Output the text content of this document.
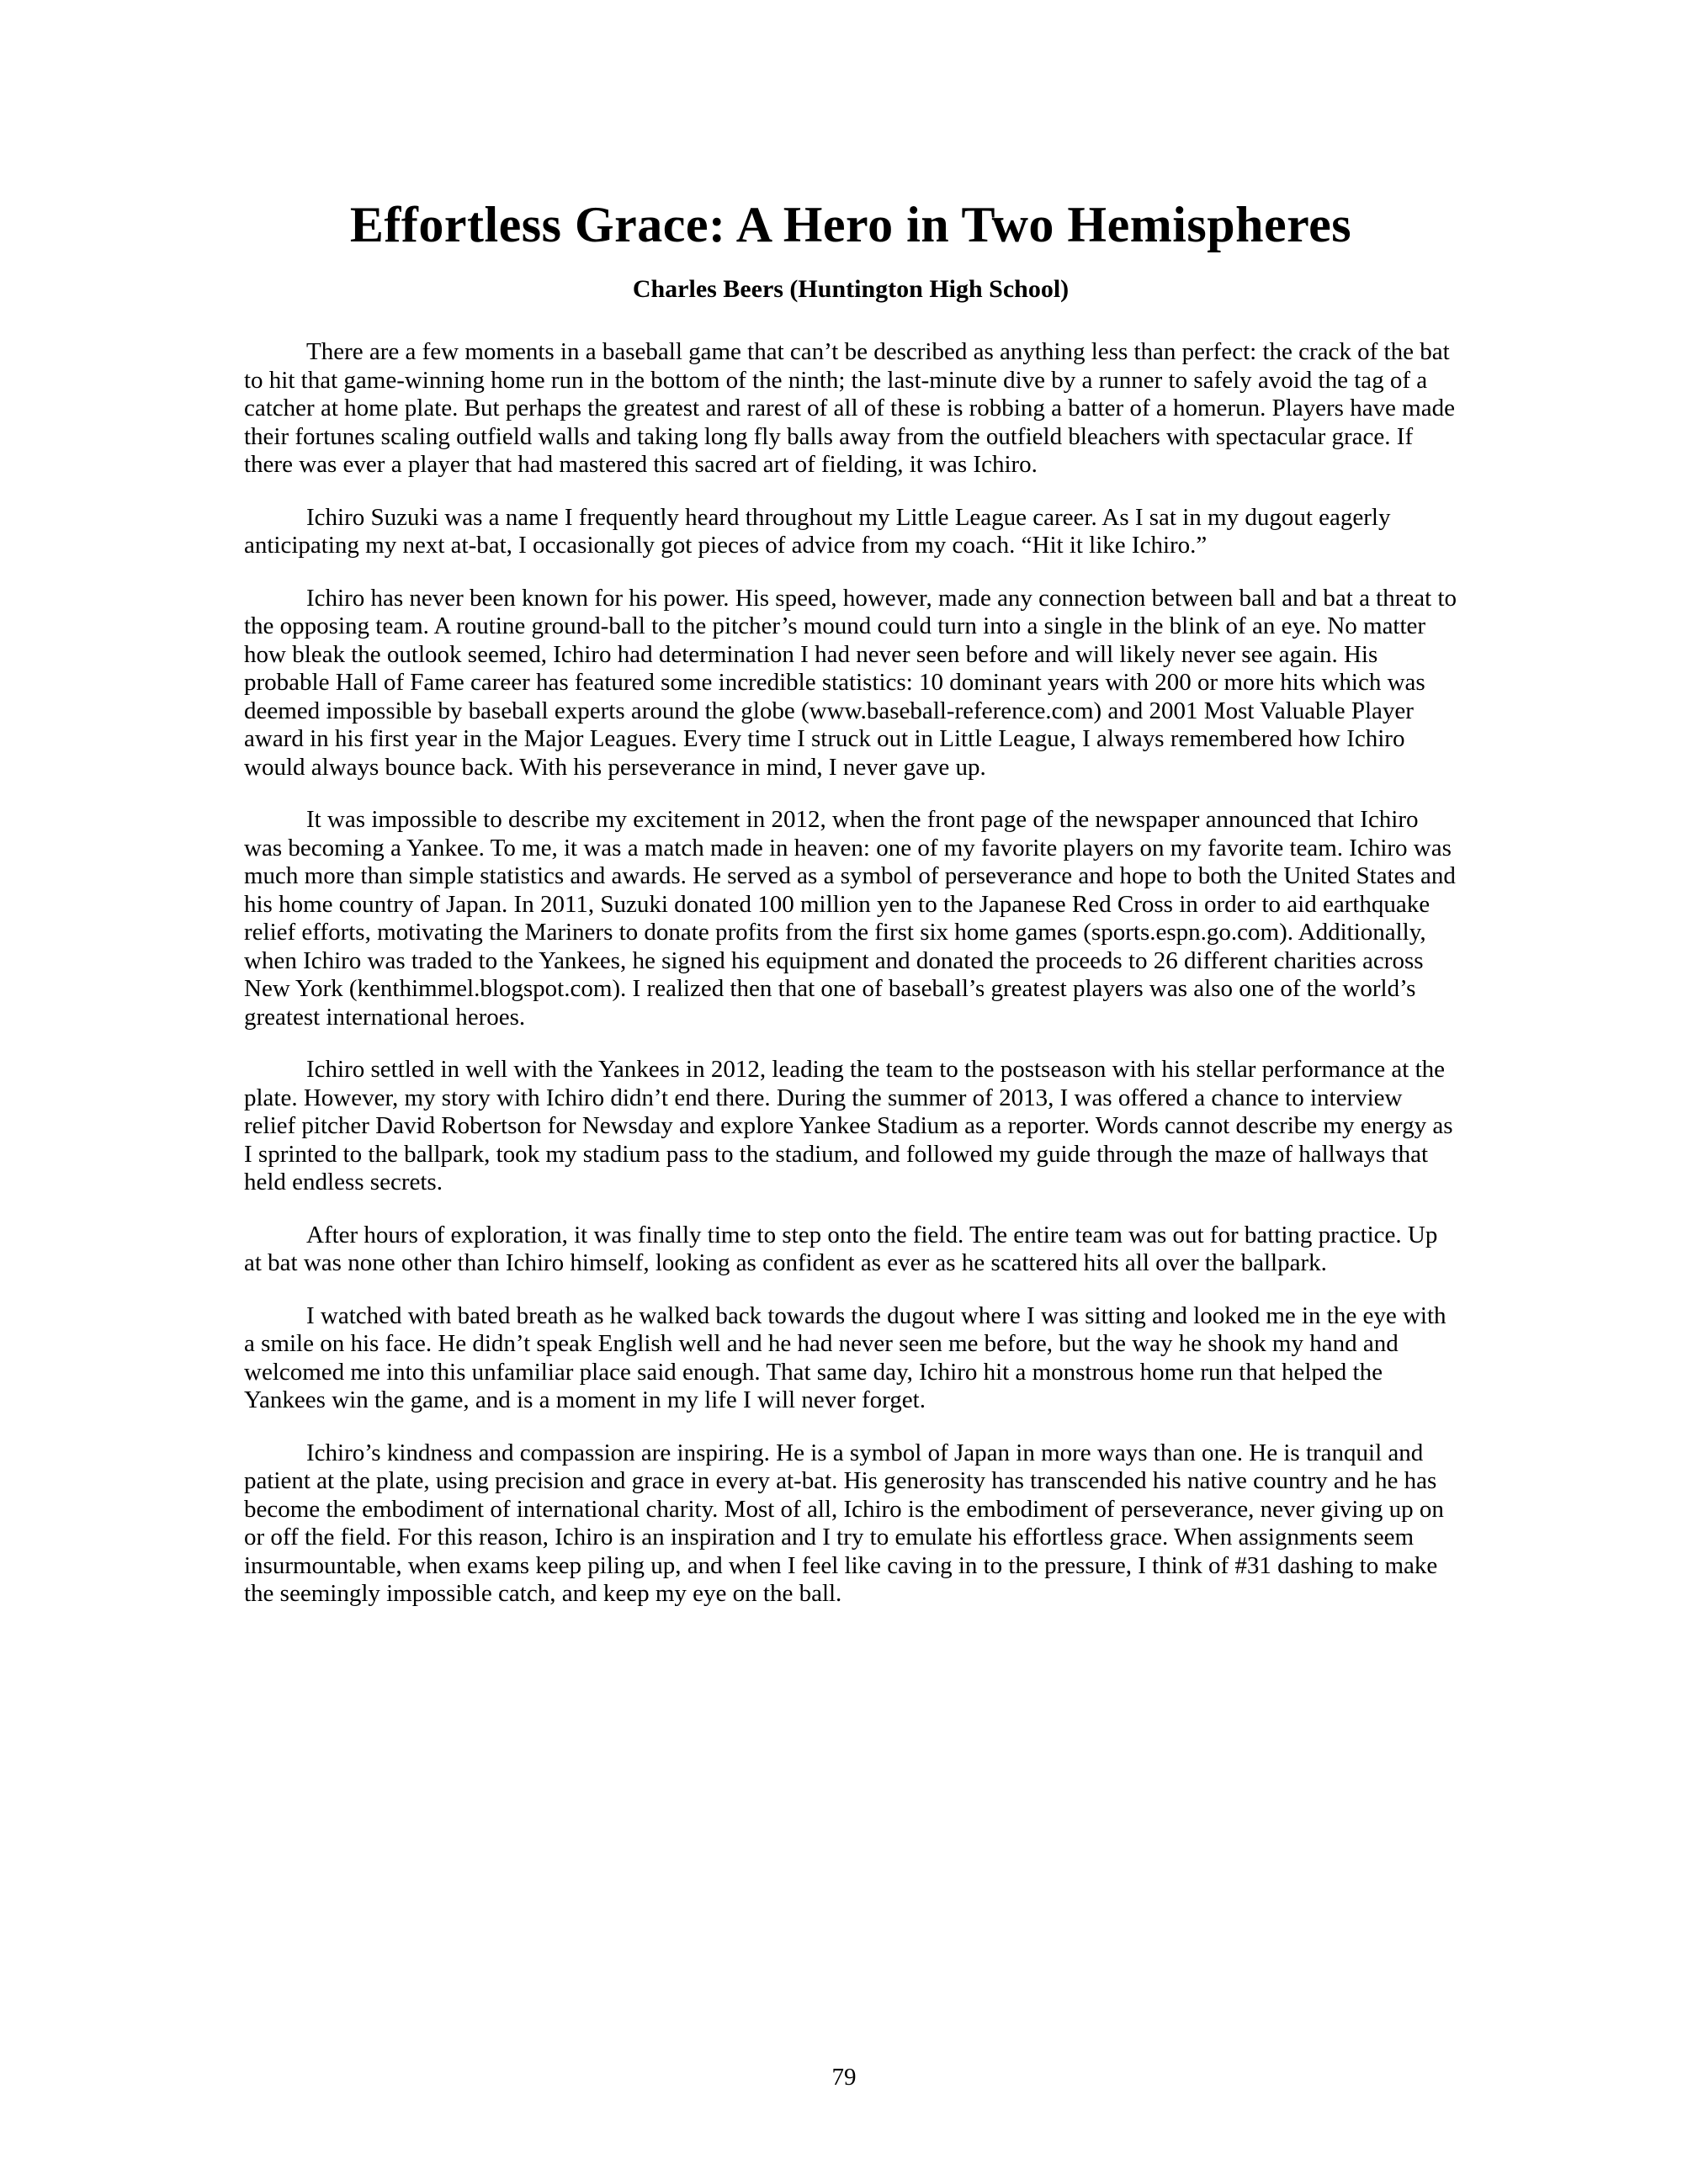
Effortless Grace: A Hero in Two Hemispheres
Charles Beers (Huntington High School)

There are a few moments in a baseball game that can’t be described as anything less than perfect: the crack of the bat to hit that game-winning home run in the bottom of the ninth; the last-minute dive by a runner to safely avoid the tag of a catcher at home plate. But perhaps the greatest and rarest of all of these is robbing a batter of a homerun. Players have made their fortunes scaling outfield walls and taking long fly balls away from the outfield bleachers with spectacular grace. If there was ever a player that had mastered this sacred art of fielding, it was Ichiro.

Ichiro Suzuki was a name I frequently heard throughout my Little League career. As I sat in my dugout eagerly anticipating my next at-bat, I occasionally got pieces of advice from my coach. “Hit it like Ichiro.”

Ichiro has never been known for his power. His speed, however, made any connection between ball and bat a threat to the opposing team. A routine ground-ball to the pitcher’s mound could turn into a single in the blink of an eye. No matter how bleak the outlook seemed, Ichiro had determination I had never seen before and will likely never see again. His probable Hall of Fame career has featured some incredible statistics: 10 dominant years with 200 or more hits which was deemed impossible by baseball experts around the globe (www.baseball-reference.com) and 2001 Most Valuable Player award in his first year in the Major Leagues. Every time I struck out in Little League, I always remembered how Ichiro would always bounce back. With his perseverance in mind, I never gave up.

It was impossible to describe my excitement in 2012, when the front page of the newspaper announced that Ichiro was becoming a Yankee. To me, it was a match made in heaven: one of my favorite players on my favorite team. Ichiro was much more than simple statistics and awards. He served as a symbol of perseverance and hope to both the United States and his home country of Japan. In 2011, Suzuki donated 100 million yen to the Japanese Red Cross in order to aid earthquake relief efforts, motivating the Mariners to donate profits from the first six home games (sports.espn.go.com). Additionally, when Ichiro was traded to the Yankees, he signed his equipment and donated the proceeds to 26 different charities across New York (kenthimmel.blogspot.com). I realized then that one of baseball’s greatest players was also one of the world’s greatest international heroes.

Ichiro settled in well with the Yankees in 2012, leading the team to the postseason with his stellar performance at the plate. However, my story with Ichiro didn’t end there. During the summer of 2013, I was offered a chance to interview relief pitcher David Robertson for Newsday and explore Yankee Stadium as a reporter. Words cannot describe my energy as I sprinted to the ballpark, took my stadium pass to the stadium, and followed my guide through the maze of hallways that held endless secrets.

After hours of exploration, it was finally time to step onto the field. The entire team was out for batting practice. Up at bat was none other than Ichiro himself, looking as confident as ever as he scattered hits all over the ballpark.

I watched with bated breath as he walked back towards the dugout where I was sitting and looked me in the eye with a smile on his face. He didn’t speak English well and he had never seen me before, but the way he shook my hand and welcomed me into this unfamiliar place said enough. That same day, Ichiro hit a monstrous home run that helped the Yankees win the game, and is a moment in my life I will never forget.

Ichiro’s kindness and compassion are inspiring. He is a symbol of Japan in more ways than one. He is tranquil and patient at the plate, using precision and grace in every at-bat. His generosity has transcended his native country and he has become the embodiment of international charity. Most of all, Ichiro is the embodiment of perseverance, never giving up on or off the field. For this reason, Ichiro is an inspiration and I try to emulate his effortless grace. When assignments seem insurmountable, when exams keep piling up, and when I feel like caving in to the pressure, I think of #31 dashing to make the seemingly impossible catch, and keep my eye on the ball.

79
